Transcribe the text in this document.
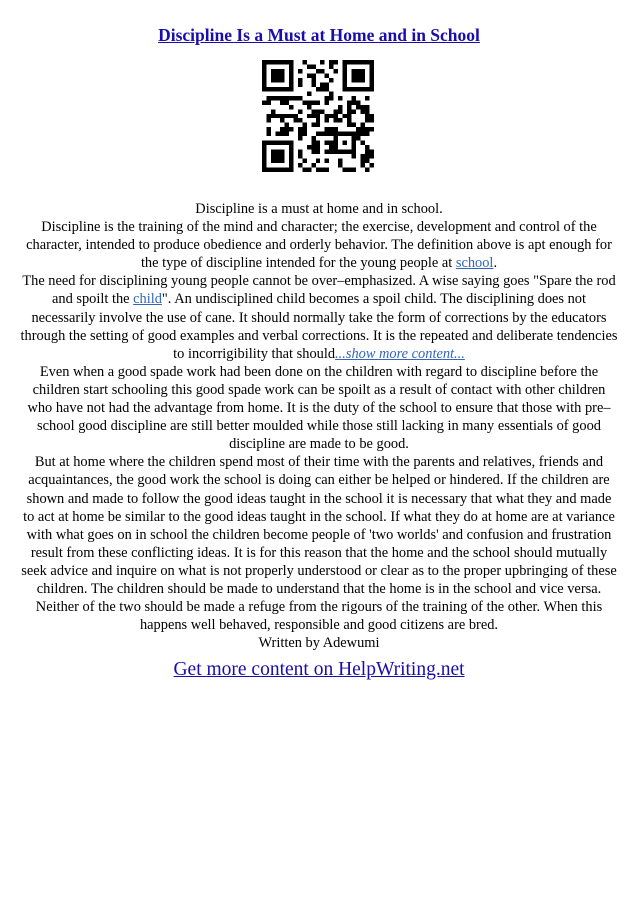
Discipline Is a Must at Home and in School

Discipline is a must at home and in school.

Discipline is the training of the mind and character; the exercise, development and control of the character, intended to produce obedience and orderly behavior. The definition above is apt enough for the type of discipline intended for the young people at school.

The need for disciplining young people cannot be over–emphasized. A wise saying goes "Spare the rod and spoilt the child". An undisciplined child becomes a spoil child. The disciplining does not necessarily involve the use of cane. It should normally take the form of corrections by the educators through the setting of good examples and verbal corrections. It is the repeated and deliberate tendencies to incorrigibility that should...show more content...

Even when a good spade work had been done on the children with regard to discipline before the children start schooling this good spade work can be spoilt as a result of contact with other children who have not had the advantage from home. It is the duty of the school to ensure that those with pre–school good discipline are still better moulded while those still lacking in many essentials of good discipline are made to be good.

But at home where the children spend most of their time with the parents and relatives, friends and acquaintances, the good work the school is doing can either be helped or hindered. If the children are shown and made to follow the good ideas taught in the school it is necessary that what they and made to act at home be similar to the good ideas taught in the school. If what they do at home are at variance with what goes on in school the children become people of 'two worlds' and confusion and frustration result from these conflicting ideas. It is for this reason that the home and the school should mutually seek advice and inquire on what is not properly understood or clear as to the proper upbringing of these children. The children should be made to understand that the home is in the school and vice versa. Neither of the two should be made a refuge from the rigours of the training of the other. When this happens well behaved, responsible and good citizens are bred.

Written by Adewumi

Get more content on HelpWriting.net
